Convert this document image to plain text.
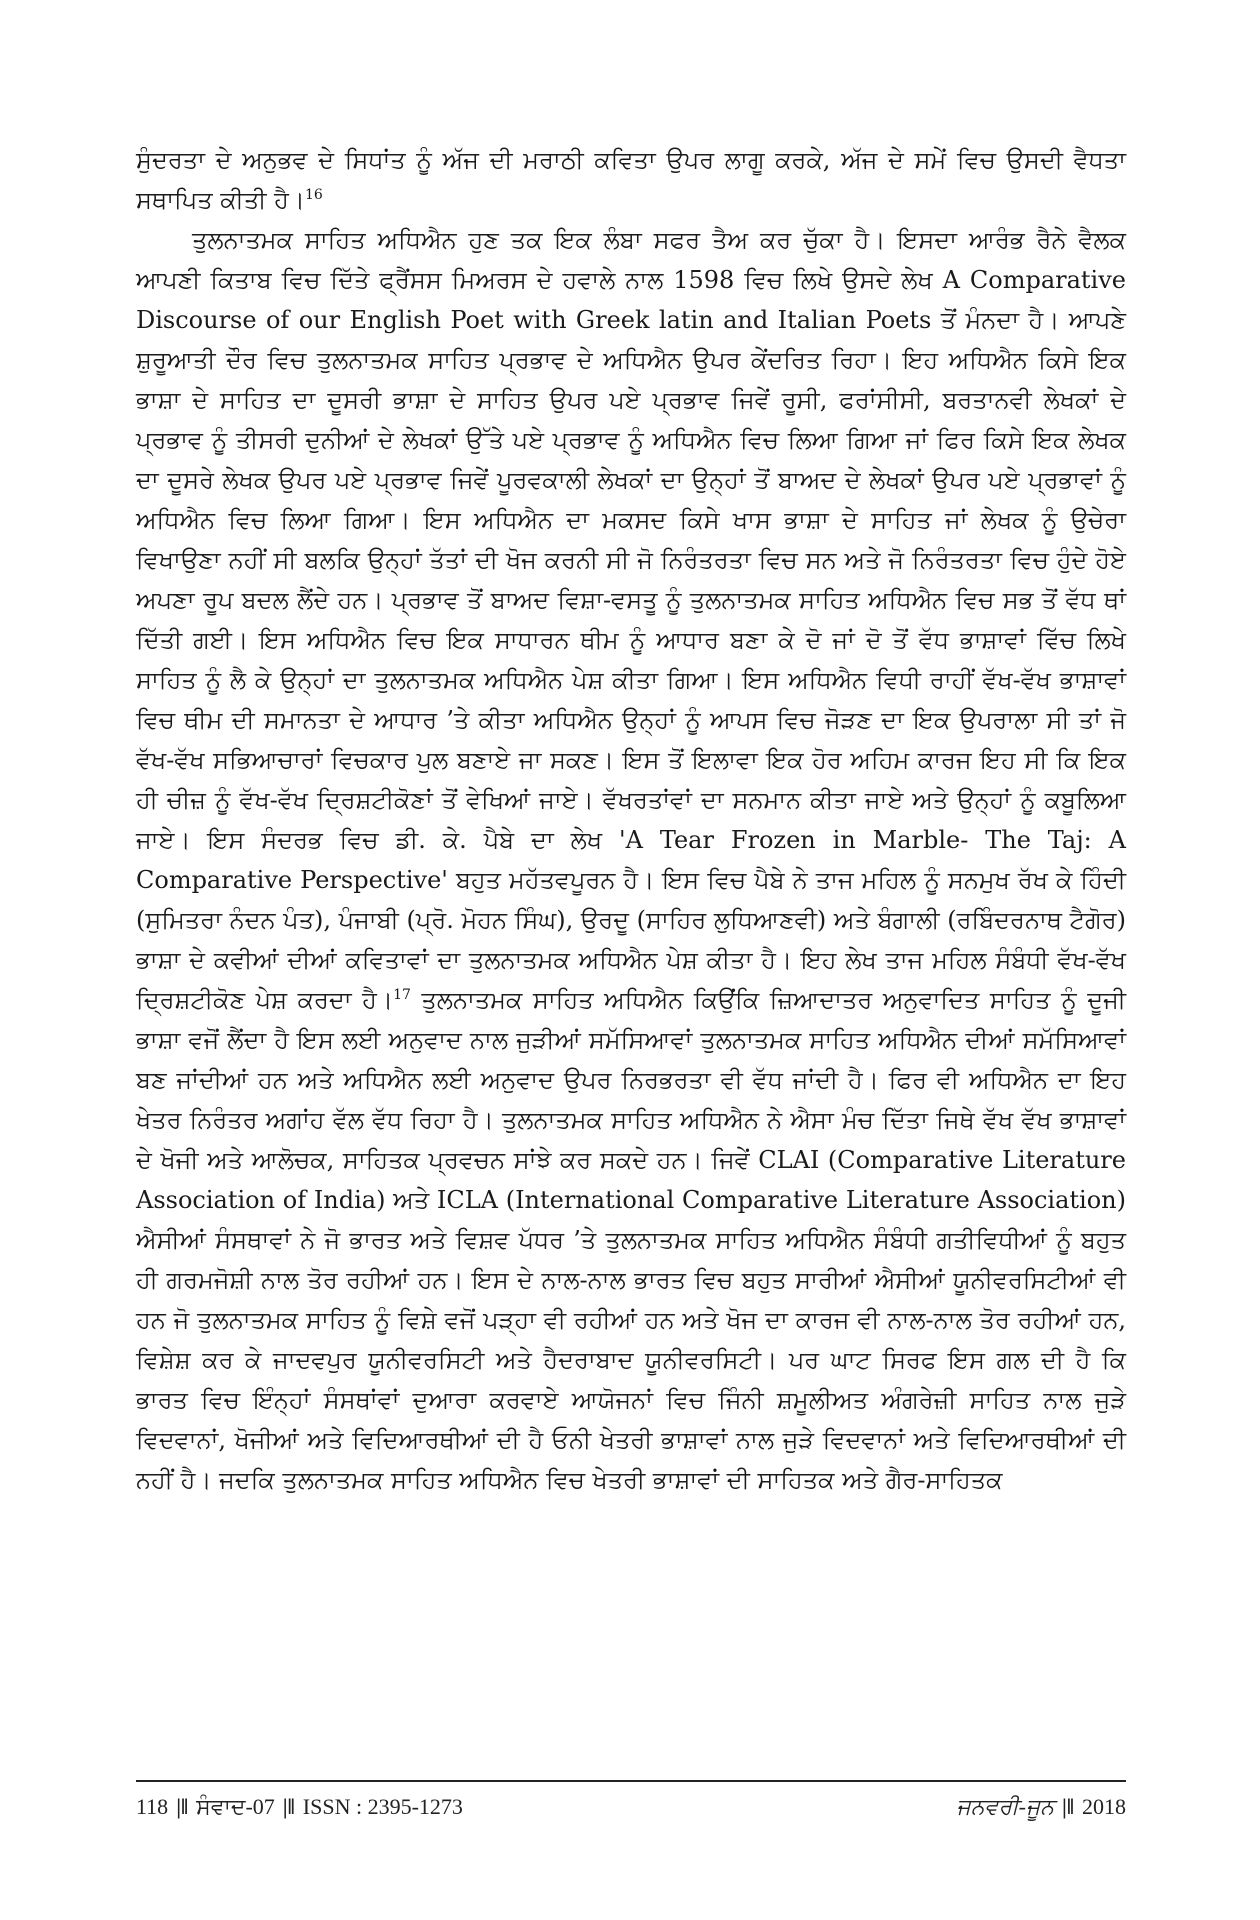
ਸੁੰਦਰਤਾ ਦੇ ਅਨੁਭਵ ਦੇ ਸਿਧਾਂਤ ਨੂੰ ਅੱਜ ਦੀ ਮਰਾਠੀ ਕਵਿਤਾ ਉਪਰ ਲਾਗੂ ਕਰਕੇ, ਅੱਜ ਦੇ ਸਮੇਂ ਵਿਚ ਉਸਦੀ ਵੈਧਤਾ ਸਥਾਪਿਤ ਕੀਤੀ ਹੈ।$^{16}$

ਤੁਲਨਾਤਮਕ ਸਾਹਿਤ ਅਧਿਐਨ ਹੁਣ ਤਕ ਇਕ ਲੰਬਾ ਸਫਰ ਤੈਅ ਕਰ ਚੁੱਕਾ ਹੈ। ਇਸਦਾ ਆਰੰਭ ਰੈਨੇ ਵੈਲਕ ਆਪਣੀ ਕਿਤਾਬ ਵਿਚ ਦਿੱਤੇ ਫ੍ਰੈਂਸਸ ਮਿਅਰਸ ਦੇ ਹਵਾਲੇ ਨਾਲ 1598 ਵਿਚ ਲਿਖੇ ਉਸਦੇ ਲੇਖ A Comparative Discourse of our English Poet with Greek latin and Italian Poets ਤੋਂ ਮੰਨਦਾ ਹੈ। ਆਪਣੇ ਸ਼ੁਰੂਆਤੀ ਦੌਰ ਵਿਚ ਤੁਲਨਾਤਮਕ ਸਾਹਿਤ ਪ੍ਰਭਾਵ ਦੇ ਅਧਿਐਨ ਉਪਰ ਕੇਂਦਰਿਤ ਰਿਹਾ। ਇਹ ਅਧਿਐਨ ਕਿਸੇ ਇਕ ਭਾਸ਼ਾ ਦੇ ਸਾਹਿਤ ਦਾ ਦੂਸਰੀ ਭਾਸ਼ਾ ਦੇ ਸਾਹਿਤ ਉਪਰ ਪਏ ਪ੍ਰਭਾਵ ਜਿਵੇਂ ਰੂਸੀ, ਫਰਾਂਸੀਸੀ, ਬਰਤਾਨਵੀ ਲੇਖਕਾਂ ਦੇ ਪ੍ਰਭਾਵ ਨੂੰ ਤੀਸਰੀ ਦੁਨੀਆਂ ਦੇ ਲੇਖਕਾਂ ਉੱਤੇ ਪਏ ਪ੍ਰਭਾਵ ਨੂੰ ਅਧਿਐਨ ਵਿਚ ਲਿਆ ਗਿਆ ਜਾਂ ਫਿਰ ਕਿਸੇ ਇਕ ਲੇਖਕ ਦਾ ਦੂਸਰੇ ਲੇਖਕ ਉਪਰ ਪਏ ਪ੍ਰਭਾਵ ਜਿਵੇਂ ਪੂਰਵਕਾਲੀ ਲੇਖਕਾਂ ਦਾ ਉਨ੍ਹਾਂ ਤੋਂ ਬਾਅਦ ਦੇ ਲੇਖਕਾਂ ਉਪਰ ਪਏ ਪ੍ਰਭਾਵਾਂ ਨੂੰ ਅਧਿਐਨ ਵਿਚ ਲਿਆ ਗਿਆ। ਇਸ ਅਧਿਐਨ ਦਾ ਮਕਸਦ ਕਿਸੇ ਖਾਸ ਭਾਸ਼ਾ ਦੇ ਸਾਹਿਤ ਜਾਂ ਲੇਖਕ ਨੂੰ ਉਚੇਰਾ ਵਿਖਾਉਣਾ ਨਹੀਂ ਸੀ ਬਲਕਿ ਉਨ੍ਹਾਂ ਤੱਤਾਂ ਦੀ ਖੋਜ ਕਰਨੀ ਸੀ ਜੋ ਨਿਰੰਤਰਤਾ ਵਿਚ ਸਨ ਅਤੇ ਜੋ ਨਿਰੰਤਰਤਾ ਵਿਚ ਹੁੰਦੇ ਹੋਏ ਅਪਣਾ ਰੂਪ ਬਦਲ ਲੈਂਦੇ ਹਨ। ਪ੍ਰਭਾਵ ਤੋਂ ਬਾਅਦ ਵਿਸ਼ਾ-ਵਸਤੂ ਨੂੰ ਤੁਲਨਾਤਮਕ ਸਾਹਿਤ ਅਧਿਐਨ ਵਿਚ ਸਭ ਤੋਂ ਵੱਧ ਥਾਂ ਦਿੱਤੀ ਗਈ। ਇਸ ਅਧਿਐਨ ਵਿਚ ਇਕ ਸਾਧਾਰਨ ਥੀਮ ਨੂੰ ਆਧਾਰ ਬਣਾ ਕੇ ਦੋ ਜਾਂ ਦੋ ਤੋਂ ਵੱਧ ਭਾਸ਼ਾਵਾਂ ਵਿੱਚ ਲਿਖੇ ਸਾਹਿਤ ਨੂੰ ਲੈ ਕੇ ਉਨ੍ਹਾਂ ਦਾ ਤੁਲਨਾਤਮਕ ਅਧਿਐਨ ਪੇਸ਼ ਕੀਤਾ ਗਿਆ। ਇਸ ਅਧਿਐਨ ਵਿਧੀ ਰਾਹੀਂ ਵੱਖ-ਵੱਖ ਭਾਸ਼ਾਵਾਂ ਵਿਚ ਥੀਮ ਦੀ ਸਮਾਨਤਾ ਦੇ ਆਧਾਰ ’ਤੇ ਕੀਤਾ ਅਧਿਐਨ ਉਨ੍ਹਾਂ ਨੂੰ ਆਪਸ ਵਿਚ ਜੋੜਣ ਦਾ ਇਕ ਉਪਰਾਲਾ ਸੀ ਤਾਂ ਜੋ ਵੱਖ-ਵੱਖ ਸਭਿਆਚਾਰਾਂ ਵਿਚਕਾਰ ਪੁਲ ਬਣਾਏ ਜਾ ਸਕਣ। ਇਸ ਤੋਂ ਇਲਾਵਾ ਇਕ ਹੋਰ ਅਹਿਮ ਕਾਰਜ ਇਹ ਸੀ ਕਿ ਇਕ ਹੀ ਚੀਜ਼ ਨੂੰ ਵੱਖ-ਵੱਖ ਦ੍ਰਿਸ਼ਟੀਕੋਣਾਂ ਤੋਂ ਵੇਖਿਆਂ ਜਾਏ। ਵੱਖਰਤਾਂਵਾਂ ਦਾ ਸਨਮਾਨ ਕੀਤਾ ਜਾਏ ਅਤੇ ਉਨ੍ਹਾਂ ਨੂੰ ਕਬੂਲਿਆ ਜਾਏ। ਇਸ ਸੰਦਰਭ ਵਿਚ ਡੀ. ਕੇ. ਪੈਬੇ ਦਾ ਲੇਖ 'A Tear Frozen in Marble- The Taj: A Comparative Perspective' ਬਹੁਤ ਮਹੱਤਵਪੂਰਨ ਹੈ। ਇਸ ਵਿਚ ਪੈਬੇ ਨੇ ਤਾਜ ਮਹਿਲ ਨੂੰ ਸਨਮੁਖ ਰੱਖ ਕੇ ਹਿੰਦੀ (ਸੁਮਿਤਰਾ ਨੰਦਨ ਪੰਤ), ਪੰਜਾਬੀ (ਪ੍ਰੋ. ਮੋਹਨ ਸਿੰਘ), ਉਰਦੂ (ਸਾਹਿਰ ਲੁਧਿਆਣਵੀ) ਅਤੇ ਬੰਗਾਲੀ (ਰਬਿੰਦਰਨਾਥ ਟੈਗੋਰ) ਭਾਸ਼ਾ ਦੇ ਕਵੀਆਂ ਦੀਆਂ ਕਵਿਤਾਵਾਂ ਦਾ ਤੁਲਨਾਤਮਕ ਅਧਿਐਨ ਪੇਸ਼ ਕੀਤਾ ਹੈ। ਇਹ ਲੇਖ ਤਾਜ ਮਹਿਲ ਸੰਬੰਧੀ ਵੱਖ-ਵੱਖ ਦ੍ਰਿਸ਼ਟੀਕੋਣ ਪੇਸ਼ ਕਰਦਾ ਹੈ।$^{17}$ ਤੁਲਨਾਤਮਕ ਸਾਹਿਤ ਅਧਿਐਨ ਕਿਉਂਕਿ ਜ਼ਿਆਦਾਤਰ ਅਨੁਵਾਦਿਤ ਸਾਹਿਤ ਨੂੰ ਦੂਜੀ ਭਾਸ਼ਾ ਵਜੋਂ ਲੈਂਦਾ ਹੈ ਇਸ ਲਈ ਅਨੁਵਾਦ ਨਾਲ ਜੁੜੀਆਂ ਸਮੱਸਿਆਵਾਂ ਤੁਲਨਾਤਮਕ ਸਾਹਿਤ ਅਧਿਐਨ ਦੀਆਂ ਸਮੱਸਿਆਵਾਂ ਬਣ ਜਾਂਦੀਆਂ ਹਨ ਅਤੇ ਅਧਿਐਨ ਲਈ ਅਨੁਵਾਦ ਉਪਰ ਨਿਰਭਰਤਾ ਵੀ ਵੱਧ ਜਾਂਦੀ ਹੈ। ਫਿਰ ਵੀ ਅਧਿਐਨ ਦਾ ਇਹ ਖੇਤਰ ਨਿਰੰਤਰ ਅਗਾਂਹ ਵੱਲ ਵੱਧ ਰਿਹਾ ਹੈ। ਤੁਲਨਾਤਮਕ ਸਾਹਿਤ ਅਧਿਐਨ ਨੇ ਐਸਾ ਮੰਚ ਦਿੱਤਾ ਜਿਥੇ ਵੱਖ ਵੱਖ ਭਾਸ਼ਾਵਾਂ ਦੇ ਖੋਜੀ ਅਤੇ ਆਲੋਚਕ, ਸਾਹਿਤਕ ਪ੍ਰਵਚਨ ਸਾਂਝੇ ਕਰ ਸਕਦੇ ਹਨ। ਜਿਵੇਂ CLAI (Comparative Literature Association of India) ਅਤੇ ICLA (International Comparative Literature Association) ਐਸੀਆਂ ਸੰਸਥਾਵਾਂ ਨੇ ਜੋ ਭਾਰਤ ਅਤੇ ਵਿਸ਼ਵ ਪੱਧਰ ’ਤੇ ਤੁਲਨਾਤਮਕ ਸਾਹਿਤ ਅਧਿਐਨ ਸੰਬੰਧੀ ਗਤੀਵਿਧੀਆਂ ਨੂੰ ਬਹੁਤ ਹੀ ਗਰਮਜੋਸ਼ੀ ਨਾਲ ਤੋਰ ਰਹੀਆਂ ਹਨ। ਇਸ ਦੇ ਨਾਲ-ਨਾਲ ਭਾਰਤ ਵਿਚ ਬਹੁਤ ਸਾਰੀਆਂ ਐਸੀਆਂ ਯੂਨੀਵਰਸਿਟੀਆਂ ਵੀ ਹਨ ਜੋ ਤੁਲਨਾਤਮਕ ਸਾਹਿਤ ਨੂੰ ਵਿਸ਼ੇ ਵਜੋਂ ਪੜ੍ਹਾ ਵੀ ਰਹੀਆਂ ਹਨ ਅਤੇ ਖੋਜ ਦਾ ਕਾਰਜ ਵੀ ਨਾਲ-ਨਾਲ ਤੋਰ ਰਹੀਆਂ ਹਨ, ਵਿਸ਼ੇਸ਼ ਕਰ ਕੇ ਜਾਦਵਪੁਰ ਯੂਨੀਵਰਸਿਟੀ ਅਤੇ ਹੈਦਰਾਬਾਦ ਯੂਨੀਵਰਸਿਟੀ। ਪਰ ਘਾਟ ਸਿਰਫ ਇਸ ਗਲ ਦੀ ਹੈ ਕਿ ਭਾਰਤ ਵਿਚ ਇੰਨ੍ਹਾਂ ਸੰਸਥਾਂਵਾਂ ਦੁਆਰਾ ਕਰਵਾਏ ਆਯੋਜਨਾਂ ਵਿਚ ਜਿੰਨੀ ਸ਼ਮੂਲੀਅਤ ਅੰਗਰੇਜ਼ੀ ਸਾਹਿਤ ਨਾਲ ਜੁੜੇ ਵਿਦਵਾਨਾਂ, ਖੋਜੀਆਂ ਅਤੇ ਵਿਦਿਆਰਥੀਆਂ ਦੀ ਹੈ ਓਨੀ ਖੇਤਰੀ ਭਾਸ਼ਾਵਾਂ ਨਾਲ ਜੁੜੇ ਵਿਦਵਾਨਾਂ ਅਤੇ ਵਿਦਿਆਰਥੀਆਂ ਦੀ ਨਹੀਂ ਹੈ। ਜਦਕਿ ਤੁਲਨਾਤਮਕ ਸਾਹਿਤ ਅਧਿਐਨ ਵਿਚ ਖੇਤਰੀ ਭਾਸ਼ਾਵਾਂ ਦੀ ਸਾਹਿਤਕ ਅਤੇ ਗੈਰ-ਸਾਹਿਤਕ

118 |‖ ਸੰਵਾਦ-07 |‖ ISSN : 2395-1273	ਜਨਵਰੀ-ਜੂਨ |‖ 2018
